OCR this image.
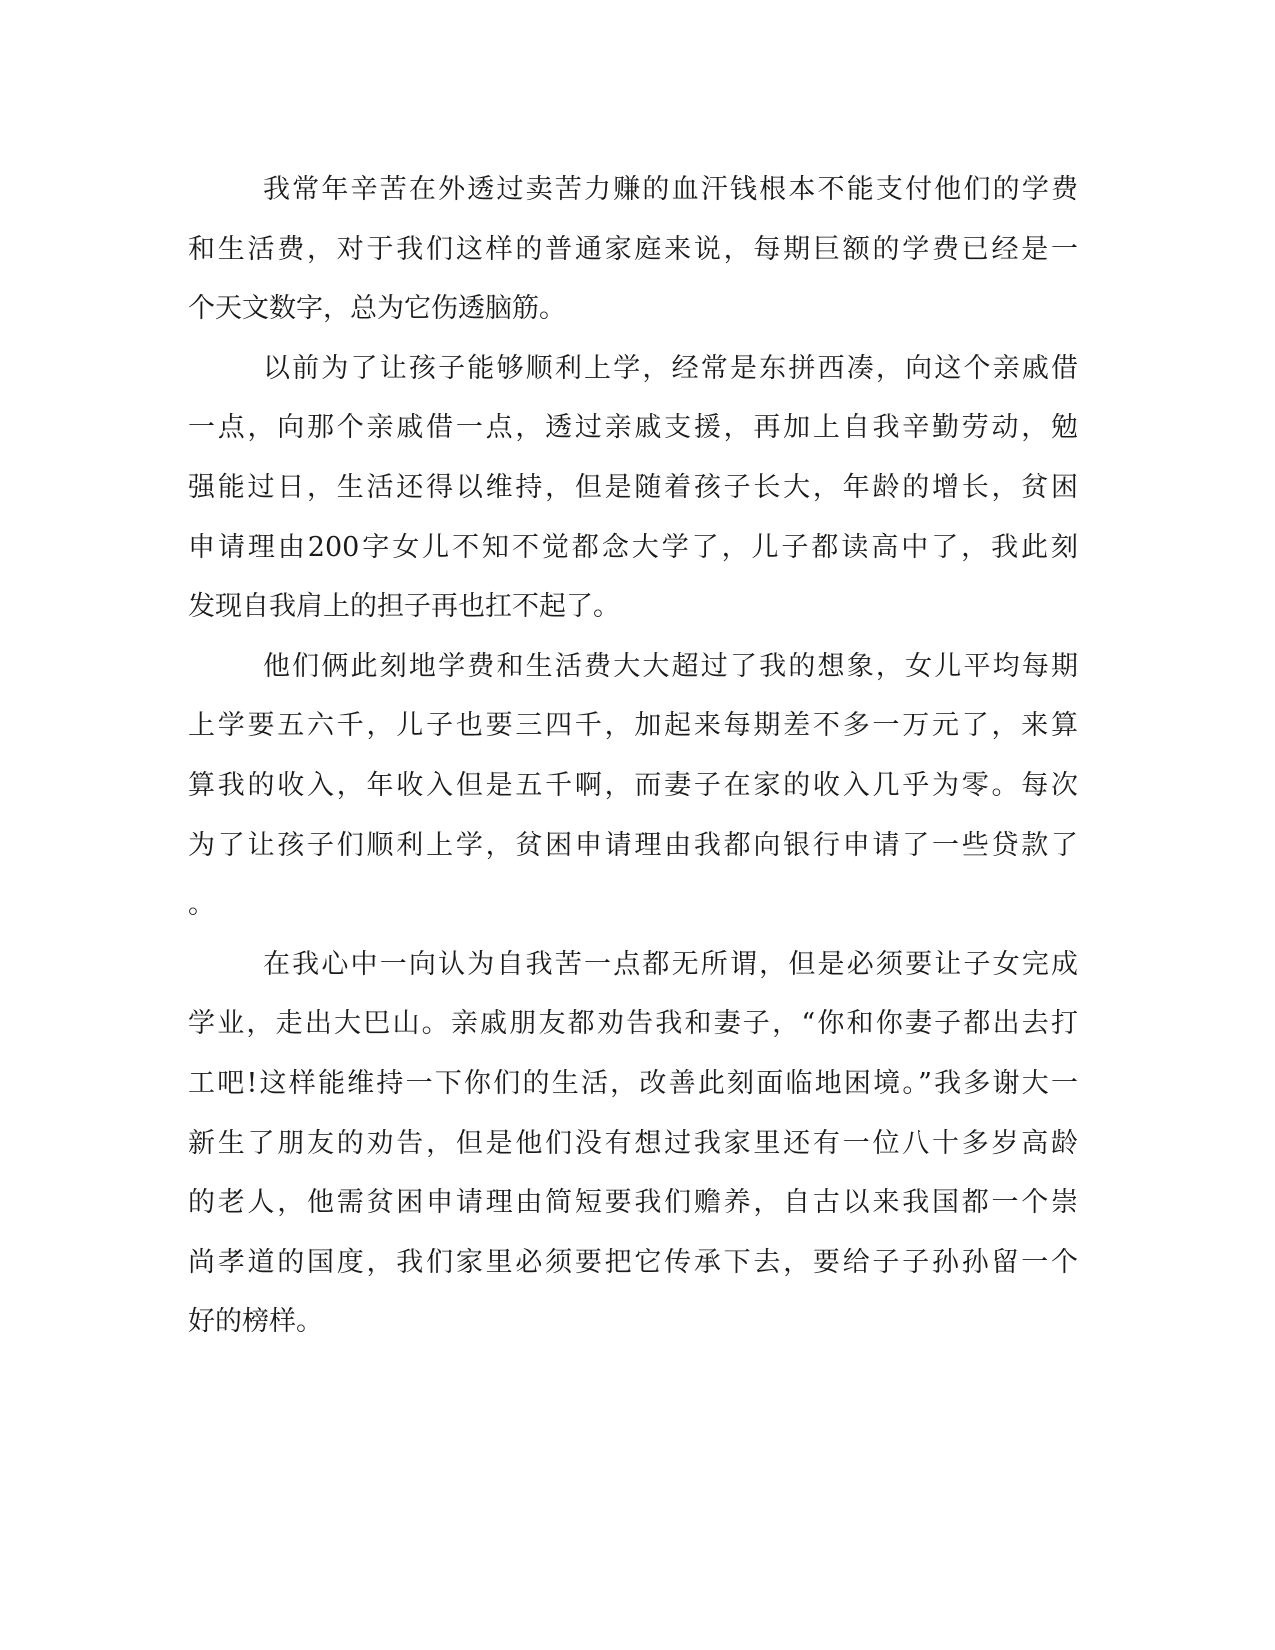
我常年辛苦在外透过卖苦力赚的血汗钱根本不能支付他们的学费
和生活费，对于我们这样的普通家庭来说，每期巨额的学费已经是一
个天文数字，总为它伤透脑筋。
以前为了让孩子能够顺利上学，经常是东拼西凑，向这个亲戚借
一点，向那个亲戚借一点，透过亲戚支援，再加上自我辛勤劳动，勉
强能过日，生活还得以维持，但是随着孩子长大，年龄的增长，贫困
申请理由200字女儿不知不觉都念大学了，儿子都读高中了，我此刻
发现自我肩上的担子再也扛不起了。
他们俩此刻地学费和生活费大大超过了我的想象，女儿平均每期
上学要五六千，儿子也要三四千，加起来每期差不多一万元了，来算
算我的收入，年收入但是五千啊，而妻子在家的收入几乎为零。每次
为了让孩子们顺利上学，贫困申请理由我都向银行申请了一些贷款了
。
在我心中一向认为自我苦一点都无所谓，但是必须要让子女完成
学业，走出大巴山。亲戚朋友都劝告我和妻子，“你和你妻子都出去打
工吧!这样能维持一下你们的生活，改善此刻面临地困境。”我多谢大一
新生了朋友的劝告，但是他们没有想过我家里还有一位八十多岁高龄
的老人，他需贫困申请理由简短要我们赡养，自古以来我国都一个崇
尚孝道的国度，我们家里必须要把它传承下去，要给子子孙孙留一个
好的榜样。
